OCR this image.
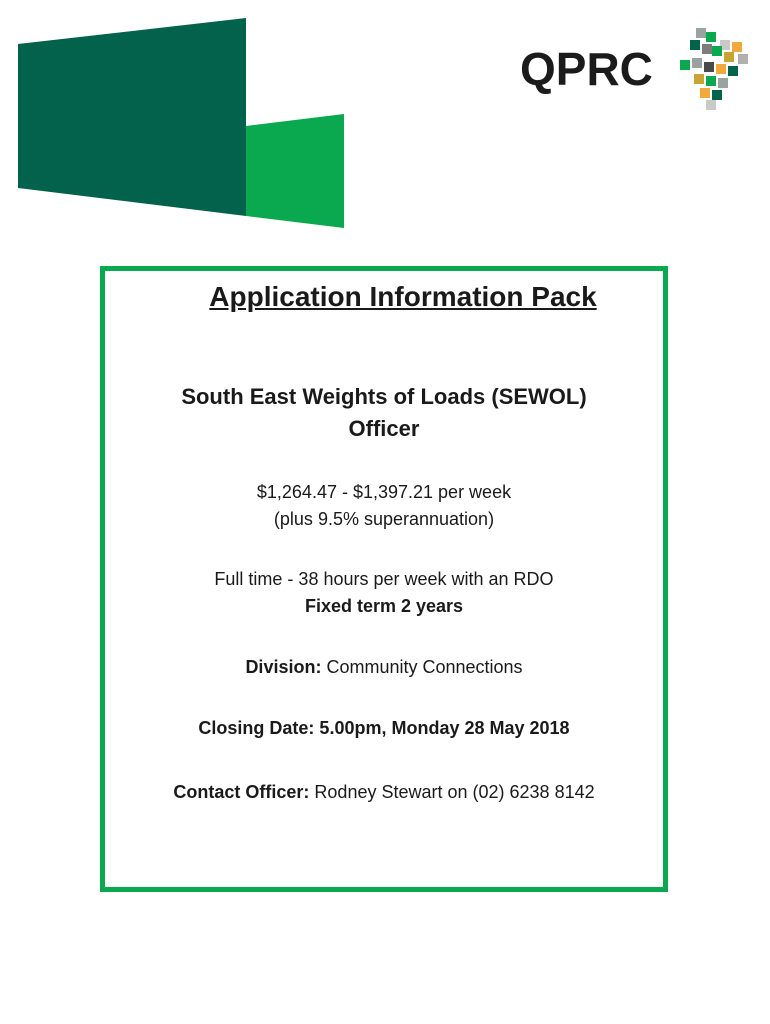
QPRC
Application Information Pack
South East Weights of Loads (SEWOL)
Officer
$1,264.47 - $1,397.21 per week
(plus 9.5% superannuation)
Full time - 38 hours per week with an RDO
Fixed term 2 years
Division: Community Connections
Closing Date: 5.00pm, Monday 28 May 2018
Contact Officer: Rodney Stewart on (02) 6238 8142
